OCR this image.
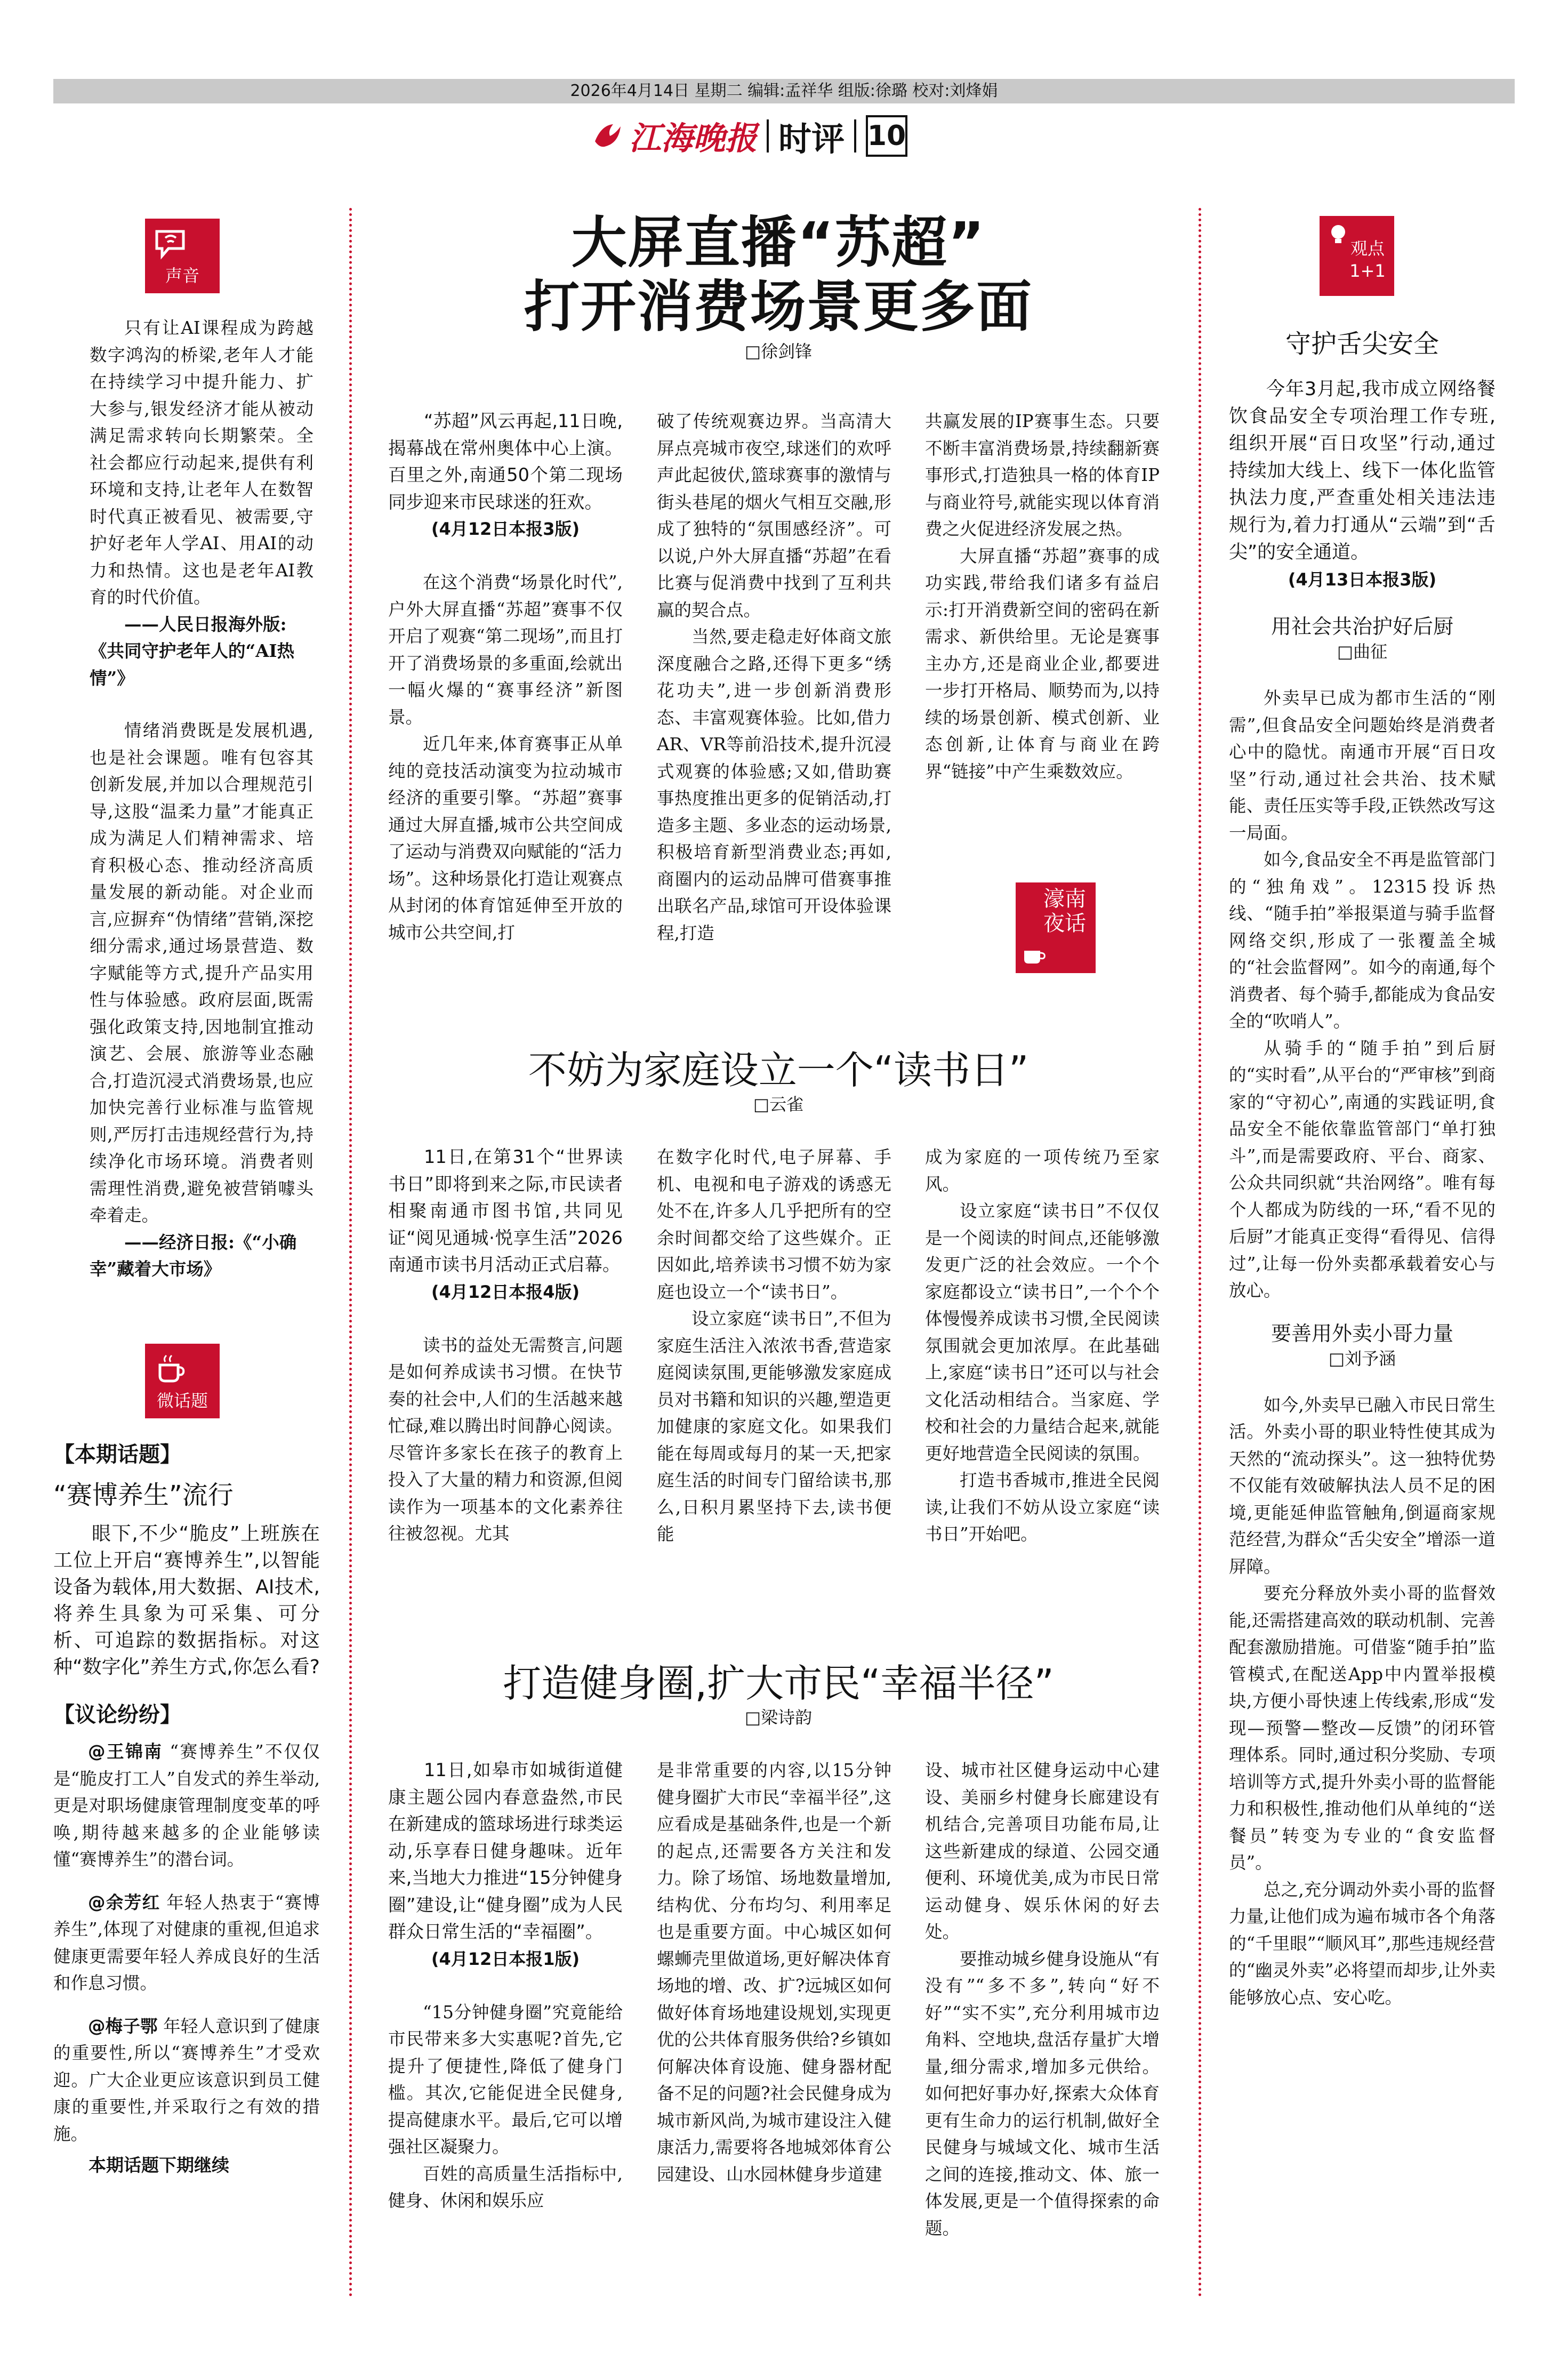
2026年4月14日 星期二 编辑:孟祥华 组版:徐璐 校对:刘烽娟
江海晚报 时评 10
声音

只有让AI课程成为跨越数字鸿沟的桥梁,老年人才能在持续学习中提升能力、扩大参与,银发经济才能从被动满足需求转向长期繁荣。全社会都应行动起来,提供有利环境和支持,让老年人在数智时代真正被看见、被需要,守护好老年人学AI、用AI的动力和热情。这也是老年AI教育的时代价值。

——人民日报海外版:《共同守护老年人的“AI热情”》

情绪消费既是发展机遇,也是社会课题。唯有包容其创新发展,并加以合理规范引导,这股“温柔力量”才能真正成为满足人们精神需求、培育积极心态、推动经济高质量发展的新动能。对企业而言,应摒弃“伪情绪”营销,深挖细分需求,通过场景营造、数字赋能等方式,提升产品实用性与体验感。政府层面,既需强化政策支持,因地制宜推动演艺、会展、旅游等业态融合,打造沉浸式消费场景,也应加快完善行业标准与监管规则,严厉打击违规经营行为,持续净化市场环境。消费者则需理性消费,避免被营销噱头牵着走。

——经济日报:《“小确幸”藏着大市场》
微话题
【本期话题】
“赛博养生”流行

眼下,不少“脆皮”上班族在工位上开启“赛博养生”,以智能设备为载体,用大数据、AI技术,将养生具象为可采集、可分析、可追踪的数据指标。对这种“数字化”养生方式,你怎么看?

【议论纷纷】

@王锦南 “赛博养生”不仅仅是“脆皮打工人”自发式的养生举动,更是对职场健康管理制度变革的呼唤,期待越来越多的企业能够读懂“赛博养生”的潜台词。

@余芳红 年轻人热衷于“赛博养生”,体现了对健康的重视,但追求健康更需要年轻人养成良好的生活和作息习惯。

@梅子鄂 年轻人意识到了健康的重要性,所以“赛博养生”才受欢迎。广大企业更应该意识到员工健康的重要性,并采取行之有效的措施。

本期话题下期继续
大屏直播“苏超”
打开消费场景更多面
□徐剑锋

“苏超”风云再起,11日晚,揭幕战在常州奥体中心上演。百里之外,南通50个第二现场同步迎来市民球迷的狂欢。

(4月12日本报3版)

在这个消费“场景化时代”,户外大屏直播“苏超”赛事不仅开启了观赛“第二现场”,而且打开了消费场景的多重面,绘就出一幅火爆的“赛事经济”新图景。

近几年来,体育赛事正从单纯的竞技活动演变为拉动城市经济的重要引擎。“苏超”赛事通过大屏直播,城市公共空间成了运动与消费双向赋能的“活力场”。这种场景化打造让观赛点从封闭的体育馆延伸至开放的城市公共空间,打

破了传统观赛边界。当高清大屏点亮城市夜空,球迷们的欢呼声此起彼伏,篮球赛事的激情与街头巷尾的烟火气相互交融,形成了独特的“氛围感经济”。可以说,户外大屏直播“苏超”在看比赛与促消费中找到了互利共赢的契合点。

当然,要走稳走好体商文旅深度融合之路,还得下更多“绣花功夫”,进一步创新消费形态、丰富观赛体验。比如,借力AR、VR等前沿技术,提升沉浸式观赛的体验感;又如,借助赛事热度推出更多的促销活动,打造多主题、多业态的运动场景,积极培育新型消费业态;再如,商圈内的运动品牌可借赛事推出联名产品,球馆可开设体验课程,打造

共赢发展的IP赛事生态。只要不断丰富消费场景,持续翻新赛事形式,打造独具一格的体育IP与商业符号,就能实现以体育消费之火促进经济发展之热。

大屏直播“苏超”赛事的成功实践,带给我们诸多有益启示:打开消费新空间的密码在新需求、新供给里。无论是赛事主办方,还是商业企业,都要进一步打开格局、顺势而为,以持续的场景创新、模式创新、业态创新,让体育与商业在跨界“链接”中产生乘数效应。

濠南夜话
不妨为家庭设立一个“读书日”
□云雀

11日,在第31个“世界读书日”即将到来之际,市民读者相聚南通市图书馆,共同见证“阅见通城·悦享生活”2026南通市读书月活动正式启幕。

(4月12日本报4版)

读书的益处无需赘言,问题是如何养成读书习惯。在快节奏的社会中,人们的生活越来越忙碌,难以腾出时间静心阅读。尽管许多家长在孩子的教育上投入了大量的精力和资源,但阅读作为一项基本的文化素养往往被忽视。尤其

在数字化时代,电子屏幕、手机、电视和电子游戏的诱惑无处不在,许多人几乎把所有的空余时间都交给了这些媒介。正因如此,培养读书习惯不妨为家庭也设立一个“读书日”。

设立家庭“读书日”,不但为家庭生活注入浓浓书香,营造家庭阅读氛围,更能够激发家庭成员对书籍和知识的兴趣,塑造更加健康的家庭文化。如果我们能在每周或每月的某一天,把家庭生活的时间专门留给读书,那么,日积月累坚持下去,读书便能

成为家庭的一项传统乃至家风。

设立家庭“读书日”不仅仅是一个阅读的时间点,还能够激发更广泛的社会效应。一个个家庭都设立“读书日”,一个个个体慢慢养成读书习惯,全民阅读氛围就会更加浓厚。在此基础上,家庭“读书日”还可以与社会文化活动相结合。当家庭、学校和社会的力量结合起来,就能更好地营造全民阅读的氛围。

打造书香城市,推进全民阅读,让我们不妨从设立家庭“读书日”开始吧。

打造健身圈,扩大市民“幸福半径”
□梁诗韵

11日,如皋市如城街道健康主题公园内春意盎然,市民在新建成的篮球场进行球类运动,乐享春日健身趣味。近年来,当地大力推进“15分钟健身圈”建设,让“健身圈”成为人民群众日常生活的“幸福圈”。

(4月12日本报1版)

“15分钟健身圈”究竟能给市民带来多大实惠呢?首先,它提升了便捷性,降低了健身门槛。其次,它能促进全民健身,提高健康水平。最后,它可以增强社区凝聚力。

百姓的高质量生活指标中,健身、休闲和娱乐应

是非常重要的内容,以15分钟健身圈扩大市民“幸福半径”,这应看成是基础条件,也是一个新的起点,还需要各方关注和发力。除了场馆、场地数量增加,结构优、分布均匀、利用率足也是重要方面。中心城区如何螺蛳壳里做道场,更好解决体育场地的增、改、扩?远城区如何做好体育场地建设规划,实现更优的公共体育服务供给?乡镇如何解决体育设施、健身器材配备不足的问题?社会民健身成为城市新风尚,为城市建设注入健康活力,需要将各地城郊体育公园建设、山水园林健身步道建

设、城市社区健身运动中心建设、美丽乡村健身长廊建设有机结合,完善项目功能布局,让这些新建成的绿道、公园交通便利、环境优美,成为市民日常运动健身、娱乐休闲的好去处。

要推动城乡健身设施从“有没有”“多不多”,转向“好不好”“实不实”,充分利用城市边角料、空地块,盘活存量扩大增量,细分需求,增加多元供给。如何把好事办好,探索大众体育更有生命力的运行机制,做好全民健身与城域文化、城市生活之间的连接,推动文、体、旅一体发展,更是一个值得探索的命题。

观点1+1
守护舌尖安全

今年3月起,我市成立网络餐饮食品安全专项治理工作专班,组织开展“百日攻坚”行动,通过持续加大线上、线下一体化监管执法力度,严查重处相关违法违规行为,着力打通从“云端”到“舌尖”的安全通道。

(4月13日本报3版)
用社会共治护好后厨
□曲征

外卖早已成为都市生活的“刚需”,但食品安全问题始终是消费者心中的隐忧。南通市开展“百日攻坚”行动,通过社会共治、技术赋能、责任压实等手段,正铁然改写这一局面。

如今,食品安全不再是监管部门的“独角戏”。12315投诉热线、“随手拍”举报渠道与骑手监督网络交织,形成了一张覆盖全城的“社会监督网”。如今的南通,每个消费者、每个骑手,都能成为食品安全的“吹哨人”。

从骑手的“随手拍”到后厨的“实时看”,从平台的“严审核”到商家的“守初心”,南通的实践证明,食品安全不能依靠监管部门“单打独斗”,而是需要政府、平台、商家、公众共同织就“共治网络”。唯有每个人都成为防线的一环,“看不见的后厨”才能真正变得“看得见、信得过”,让每一份外卖都承载着安心与放心。

要善用外卖小哥力量
□刘予涵

如今,外卖早已融入市民日常生活。外卖小哥的职业特性使其成为天然的“流动探头”。这一独特优势不仅能有效破解执法人员不足的困境,更能延伸监管触角,倒逼商家规范经营,为群众“舌尖安全”增添一道屏障。

要充分释放外卖小哥的监督效能,还需搭建高效的联动机制、完善配套激励措施。可借鉴“随手拍”监管模式,在配送App中内置举报模块,方便小哥快速上传线索,形成“发现—预警—整改—反馈”的闭环管理体系。同时,通过积分奖励、专项培训等方式,提升外卖小哥的监督能力和积极性,推动他们从单纯的“送餐员”转变为专业的“食安监督员”。

总之,充分调动外卖小哥的监督力量,让他们成为遍布城市各个角落的“千里眼”“顺风耳”,那些违规经营的“幽灵外卖”必将望而却步,让外卖能够放心点、安心吃。
